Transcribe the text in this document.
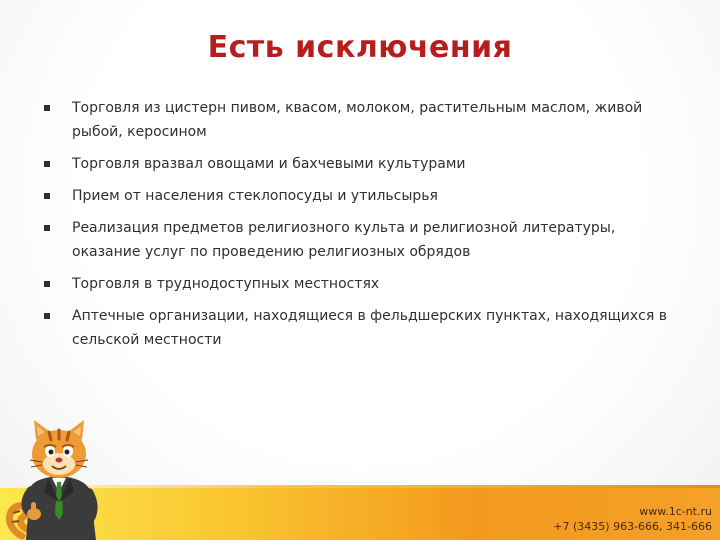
Есть исключения
Торговля из цистерн пивом, квасом, молоком, растительным маслом, живой рыбой, керосином
Торговля вразвал овощами и бахчевыми культурами
Прием от населения стеклопосуды и утильсырья
Реализация предметов религиозного культа и религиозной литературы, оказание услуг по проведению религиозных обрядов
Торговля в труднодоступных местностях
Аптечные организации, находящиеся в фельдшерских пунктах, находящихся в сельской местности
www.1c-nt.ru
+7 (3435) 963-666, 341-666
